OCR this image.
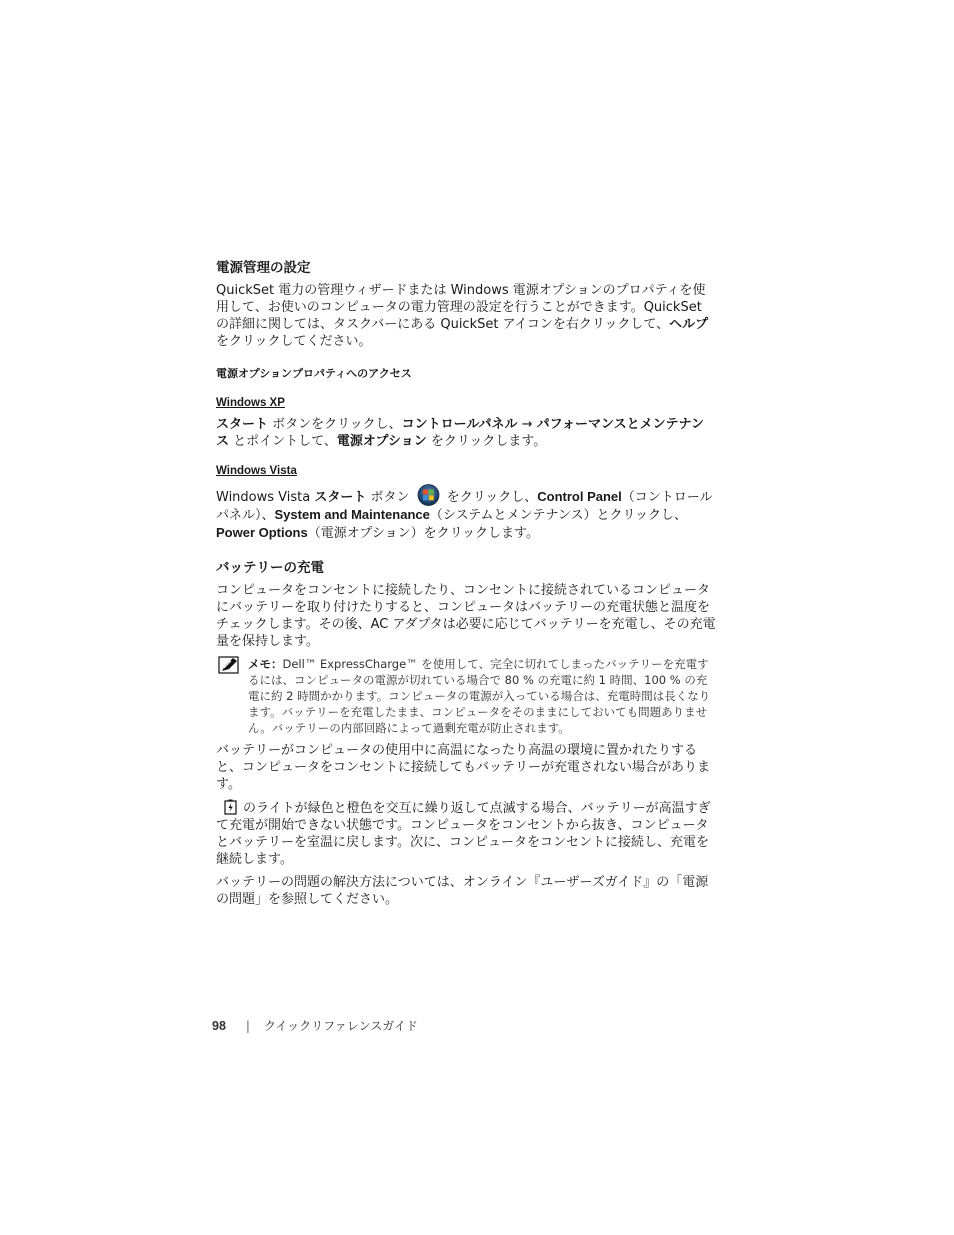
電源管理の設定

QuickSet 電力の管理ウィザードまたは Windows 電源オプションのプロパティを使用して、お使いのコンピュータの電力管理の設定を行うことができます。QuickSet の詳細に関しては、タスクバーにある QuickSet アイコンを右クリックして、ヘルプ をクリックしてください。

電源オプションプロパティへのアクセス
Windows XP

スタート ボタンをクリックし、コントロールパネル → パフォーマンスとメンテナンス とポイントして、電源オプション をクリックします。

Windows Vista

Windows Vista スタート ボタン  をクリックし、Control Panel（コントロールパネル）、System and Maintenance（システムとメンテナンス）とクリックし、Power Options（電源オプション）をクリックします。

バッテリーの充電

コンピュータをコンセントに接続したり、コンセントに接続されているコンピュータにバッテリーを取り付けたりすると、コンピュータはバッテリーの充電状態と温度をチェックします。その後、AC アダプタは必要に応じてバッテリーを充電し、その充電量を保持します。

メモ：Dell™ ExpressCharge™ を使用して、完全に切れてしまったバッテリーを充電するには、コンピュータの電源が切れている場合で 80 % の充電に約 1 時間、100 % の充電に約 2 時間かかります。コンピュータの電源が入っている場合は、充電時間は長くなります。バッテリーを充電したまま、コンピュータをそのままにしておいても問題ありません。バッテリーの内部回路によって過剰充電が防止されます。

バッテリーがコンピュータの使用中に高温になったり高温の環境に置かれたりすると、コンピュータをコンセントに接続してもバッテリーが充電されない場合があります。

のライトが緑色と橙色を交互に繰り返して点滅する場合、バッテリーが高温すぎて充電が開始できない状態です。コンピュータをコンセントから抜き、コンピュータとバッテリーを室温に戻します。次に、コンピュータをコンセントに接続し、充電を継続します。

バッテリーの問題の解決方法については、オンライン『ユーザーズガイド』の「電源の問題」を参照してください。

98 | クイックリファレンスガイド
